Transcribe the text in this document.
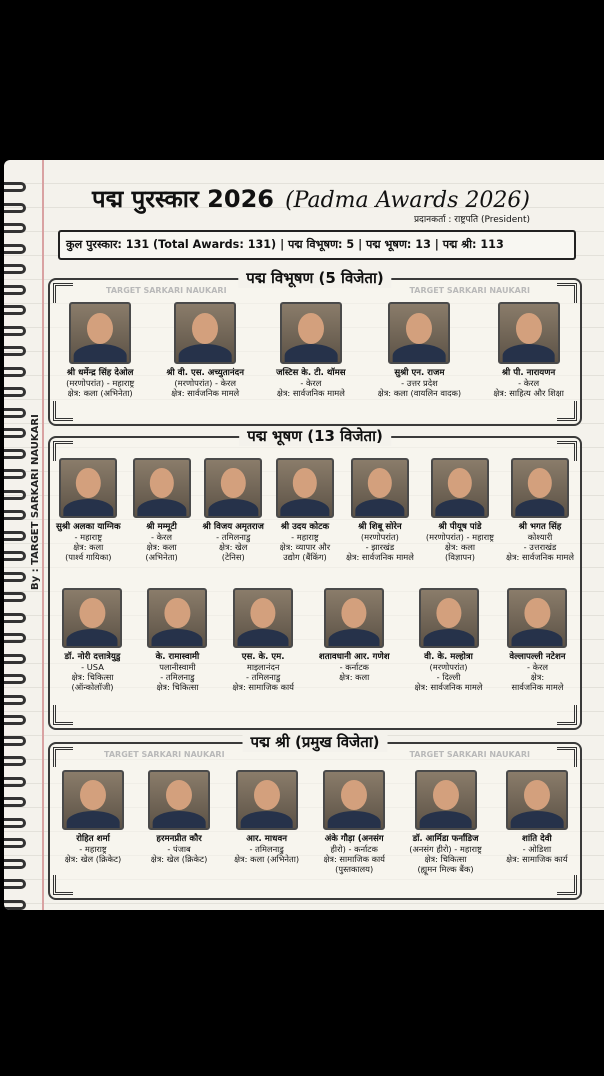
By : TARGET SARKARI NAUKARI
पद्म पुरस्कार 2026 (Padma Awards 2026)
प्रदानकर्ता : राष्ट्रपति (President)
कुल पुरस्कार: 131 (Total Awards: 131) | पद्म विभूषण: 5 | पद्म भूषण: 13 | पद्म श्री: 113
पद्म विभूषण (5 विजेता)
TARGET SARKARI NAUKARI	TARGET SARKARI NAUKARI
श्री धर्मेन्द्र सिंह देओल
(मरणोपरांत) - महाराष्ट्र
क्षेत्र: कला (अभिनेता)
श्री वी. एस. अच्युतानंदन
(मरणोपरांत) - केरल
क्षेत्र: सार्वजनिक मामले
जस्टिस के. टी. थॉमस
- केरल
क्षेत्र: सार्वजनिक मामले
सुश्री एन. राजम
- उत्तर प्रदेश
क्षेत्र: कला (वायलिन वादक)
श्री पी. नारायणन
- केरल
क्षेत्र: साहित्य और शिक्षा
पद्म भूषण (13 विजेता)
सुश्री अलका याग्निक
- महाराष्ट्र
क्षेत्र: कला
(पार्श्व गायिका)
श्री मम्मूटी
- केरल
क्षेत्र: कला
(अभिनेता)
श्री विजय अमृतराज
- तमिलनाडु
क्षेत्र: खेल
(टेनिस)
श्री उदय कोटक
- महाराष्ट्र
क्षेत्र: व्यापार और
उद्योग (बैंकिंग)
श्री शिबू सोरेन
(मरणोपरांत)
- झारखंड
क्षेत्र: सार्वजनिक मामले
श्री पीयूष पांडे
(मरणोपरांत) - महाराष्ट्र
क्षेत्र: कला
(विज्ञापन)
श्री भगत सिंह
कोश्यारी
- उत्तराखंड
क्षेत्र: सार्वजनिक मामले
डॉ. नोरी दत्तात्रेयुडु
- USA
क्षेत्र: चिकित्सा
(ऑन्कोलॉजी)
के. रामास्वामी
पलानीस्वामी
- तमिलनाडु
क्षेत्र: चिकित्सा
एस. के. एम.
माइलानंदन
- तमिलनाडु
क्षेत्र: सामाजिक कार्य
शतावधानी आर. गणेश
- कर्नाटक
क्षेत्र: कला
वी. के. मल्होत्रा
(मरणोपरांत)
- दिल्ली
क्षेत्र: सार्वजनिक मामले
वेल्लापल्ली नटेशन
- केरल
क्षेत्र:
सार्वजनिक मामले
पद्म श्री (प्रमुख विजेता)
TARGET SARKARI NAUKARI	TARGET SARKARI NAUKARI
रोहित शर्मा
- महाराष्ट्र
क्षेत्र: खेल (क्रिकेट)
हरमनप्रीत कौर
- पंजाब
क्षेत्र: खेल (क्रिकेट)
आर. माधवन
- तमिलनाडु
क्षेत्र: कला (अभिनेता)
अंके गौड़ा (अनसंग
हीरो) - कर्नाटक
क्षेत्र: सामाजिक कार्य
(पुस्तकालय)
डॉ. आर्मिडा फर्नांडिज
(अनसंग हीरो) - महाराष्ट्र
क्षेत्र: चिकित्सा
(ह्यूमन मिल्क बैंक)
शांति देवी
- ओडिशा
क्षेत्र: सामाजिक कार्य
